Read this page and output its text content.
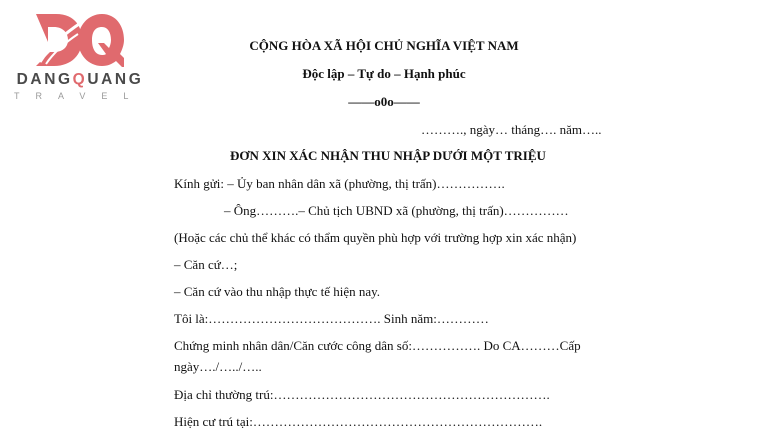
DANGQUANG
TRAVEL
CỘNG HÒA XÃ HỘI CHỦ NGHĨA VIỆT NAM
Độc lập – Tự do – Hạnh phúc
——o0o——
………., ngày… tháng…. năm…..
ĐƠN XIN XÁC NHẬN THU NHẬP DƯỚI MỘT TRIỆU
Kính gửi: – Ủy ban nhân dân xã (phường, thị trấn)…………….
– Ông……….– Chủ tịch UBND xã (phường, thị trấn)……………
(Hoặc các chủ thể khác có thẩm quyền phù hợp với trường hợp xin xác nhận)
– Căn cứ…;
– Căn cứ vào thu nhập thực tế hiện nay.
Tôi là:…………………………………. Sinh năm:…………
Chứng minh nhân dân/Căn cước công dân số:……………. Do CA………Cấp
ngày…./…../…..
Địa chỉ thường trú:……………………………………………………….
Hiện cư trú tại:………………………………………………………….
